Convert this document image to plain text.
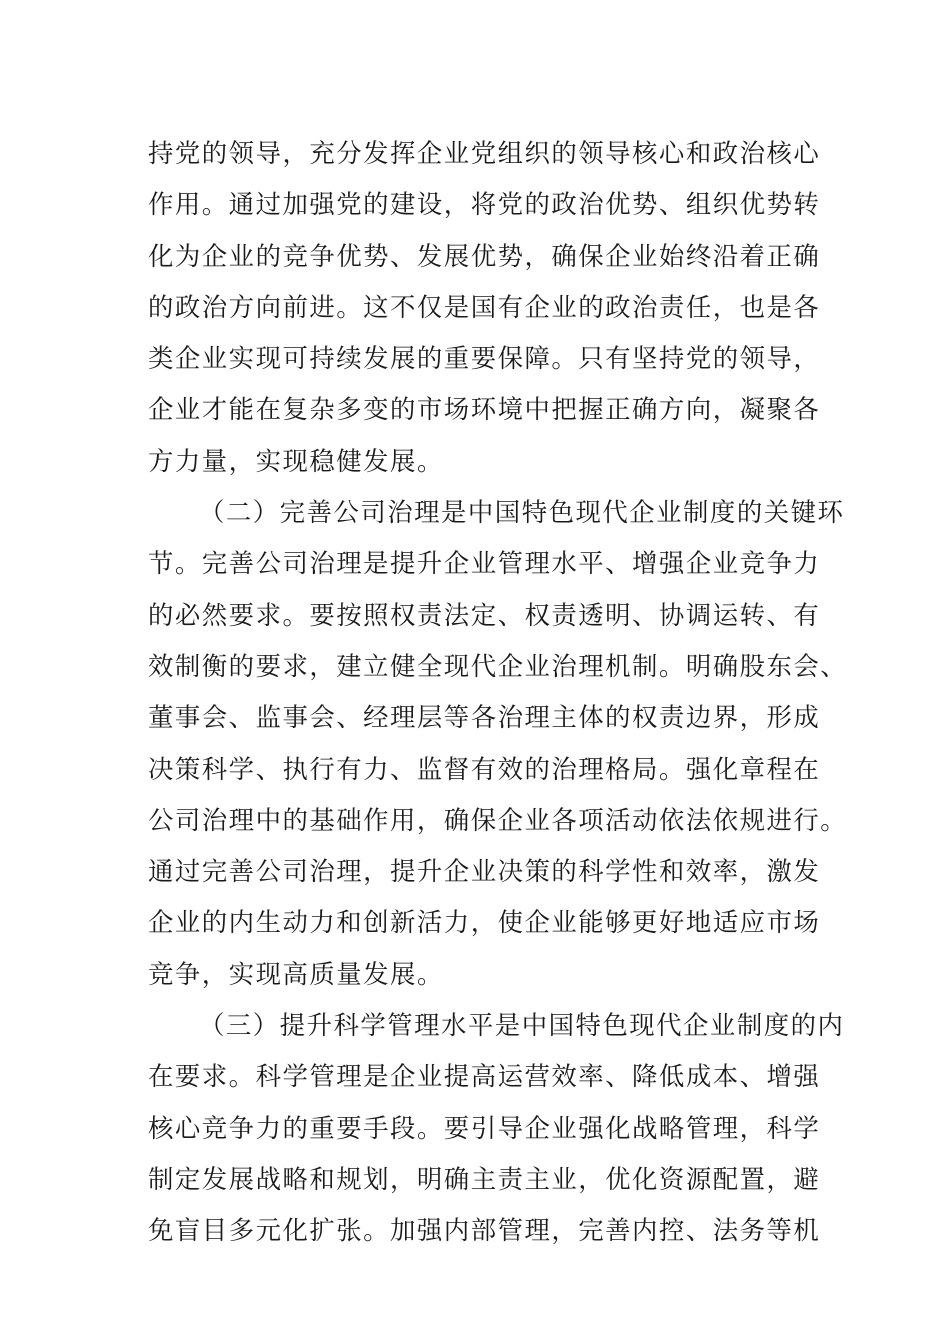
持党的领导，充分发挥企业党组织的领导核心和政治核心
作用。通过加强党的建设，将党的政治优势、组织优势转
化为企业的竞争优势、发展优势，确保企业始终沿着正确
的政治方向前进。这不仅是国有企业的政治责任，也是各
类企业实现可持续发展的重要保障。只有坚持党的领导，
企业才能在复杂多变的市场环境中把握正确方向，凝聚各
方力量，实现稳健发展。
（二）完善公司治理是中国特色现代企业制度的关键环
节。完善公司治理是提升企业管理水平、增强企业竞争力
的必然要求。要按照权责法定、权责透明、协调运转、有
效制衡的要求，建立健全现代企业治理机制。明确股东会、
董事会、监事会、经理层等各治理主体的权责边界，形成
决策科学、执行有力、监督有效的治理格局。强化章程在
公司治理中的基础作用，确保企业各项活动依法依规进行。
通过完善公司治理，提升企业决策的科学性和效率，激发
企业的内生动力和创新活力，使企业能够更好地适应市场
竞争，实现高质量发展。
（三）提升科学管理水平是中国特色现代企业制度的内
在要求。科学管理是企业提高运营效率、降低成本、增强
核心竞争力的重要手段。要引导企业强化战略管理，科学
制定发展战略和规划，明确主责主业，优化资源配置，避
免盲目多元化扩张。加强内部管理，完善内控、法务等机
